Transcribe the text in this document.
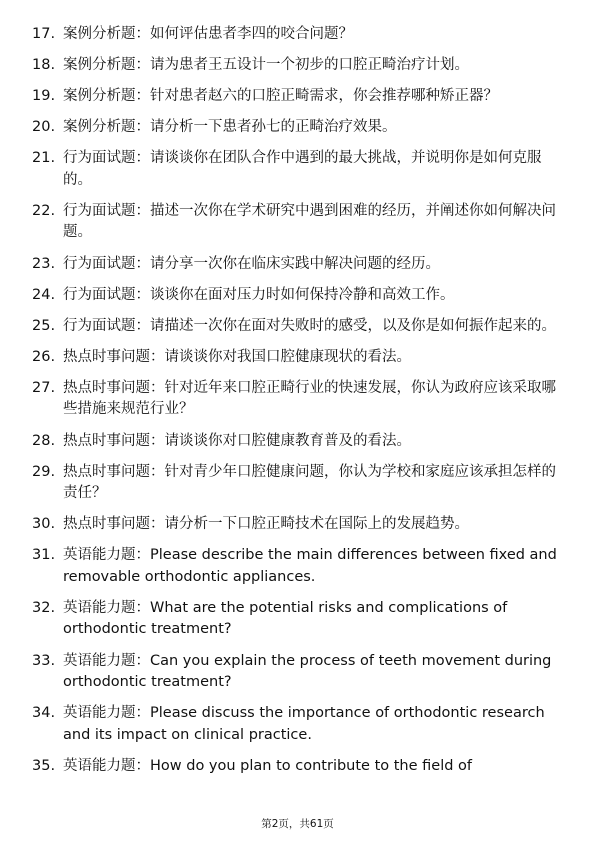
17. 案例分析题：如何评估患者李四的咬合问题？
18. 案例分析题：请为患者王五设计一个初步的口腔正畸治疗计划。
19. 案例分析题：针对患者赵六的口腔正畸需求，你会推荐哪种矫正器？
20. 案例分析题：请分析一下患者孙七的正畸治疗效果。
21. 行为面试题：请谈谈你在团队合作中遇到的最大挑战，并说明你是如何克服的。
22. 行为面试题：描述一次你在学术研究中遇到困难的经历，并阐述你如何解决问题。
23. 行为面试题：请分享一次你在临床实践中解决问题的经历。
24. 行为面试题：谈谈你在面对压力时如何保持冷静和高效工作。
25. 行为面试题：请描述一次你在面对失败时的感受，以及你是如何振作起来的。
26. 热点时事问题：请谈谈你对我国口腔健康现状的看法。
27. 热点时事问题：针对近年来口腔正畸行业的快速发展，你认为政府应该采取哪些措施来规范行业？
28. 热点时事问题：请谈谈你对口腔健康教育普及的看法。
29. 热点时事问题：针对青少年口腔健康问题，你认为学校和家庭应该承担怎样的责任？
30. 热点时事问题：请分析一下口腔正畸技术在国际上的发展趋势。
31. 英语能力题：Please describe the main differences between fixed and removable orthodontic appliances.
32. 英语能力题：What are the potential risks and complications of orthodontic treatment?
33. 英语能力题：Can you explain the process of teeth movement during orthodontic treatment?
34. 英语能力题：Please discuss the importance of orthodontic research and its impact on clinical practice.
35. 英语能力题：How do you plan to contribute to the field of
第2页，共61页
